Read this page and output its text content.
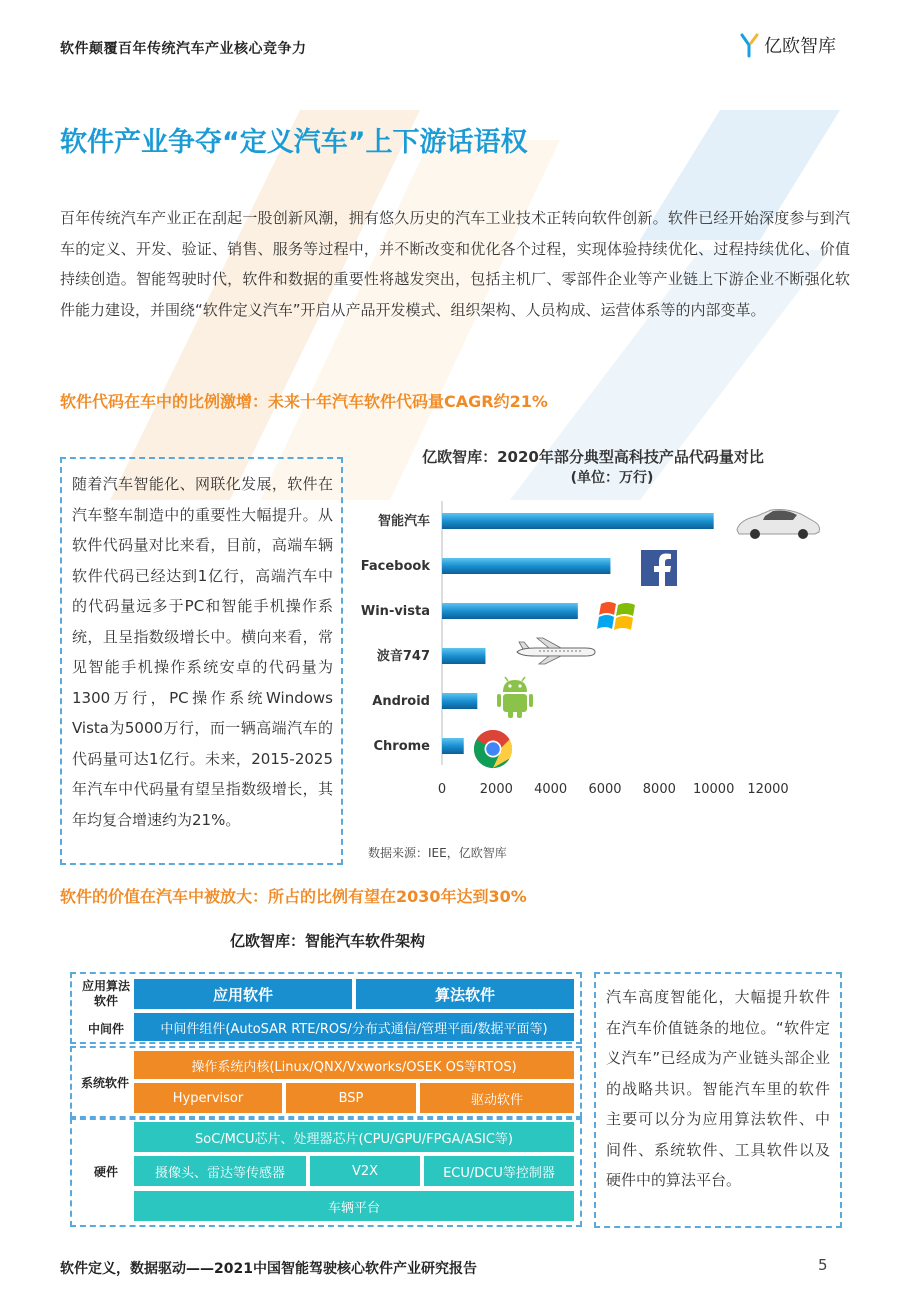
软件颠覆百年传统汽车产业核心竞争力	亿欧智库
软件产业争夺“定义汽车”上下游话语权
百年传统汽车产业正在刮起一股创新风潮，拥有悠久历史的汽车工业技术正转向软件创新。软件已经开始深度参与到汽车的定义、开发、验证、销售、服务等过程中，并不断改变和优化各个过程，实现体验持续优化、过程持续优化、价值持续创造。智能驾驶时代，软件和数据的重要性将越发突出，包括主机厂、零部件企业等产业链上下游企业不断强化软件能力建设，并围绕“软件定义汽车”开启从产品开发模式、组织架构、人员构成、运营体系等的内部变革。
软件代码在车中的比例激增：未来十年汽车软件代码量CAGR约21%
随着汽车智能化、网联化发展，软件在汽车整车制造中的重要性大幅提升。从软件代码量对比来看，目前，高端车辆软件代码已经达到1亿行，高端汽车中的代码量远多于PC和智能手机操作系统，且呈指数级增长中。横向来看，常见智能手机操作系统安卓的代码量为1300万行，PC操作系统Windows Vista为5000万行，而一辆高端汽车的代码量可达1亿行。未来，2015-2025年汽车中代码量有望呈指数级增长，其年均复合增速约为21%。
亿欧智库：2020年部分典型高科技产品代码量对比
(单位：万行)
智能汽车
Facebook
Win-vista
波音747
Android
Chrome
0	2000 4000 6000 8000 10000 12000
数据来源：IEE，亿欧智库
软件的价值在汽车中被放大：所占的比例有望在2030年达到30%
亿欧智库：智能汽车软件架构
应用算法软件
中间件
系统软件
硬件
应用软件	算法软件
中间件组件(AutoSAR RTE/ROS/分布式通信/管理平面/数据平面等)
操作系统内核(Linux/QNX/Vxworks/OSEK OS等RTOS)
Hypervisor	BSP	驱动软件
SoC/MCU芯片、处理器芯片(CPU/GPU/FPGA/ASIC等)
摄像头、雷达等传感器	V2X	ECU/DCU等控制器
车辆平台
汽车高度智能化，大幅提升软件在汽车价值链条的地位。“软件定义汽车”已经成为产业链头部企业的战略共识。智能汽车里的软件主要可以分为应用算法软件、中间件、系统软件、工具软件以及硬件中的算法平台。
软件定义，数据驱动——2021中国智能驾驶核心软件产业研究报告	5
